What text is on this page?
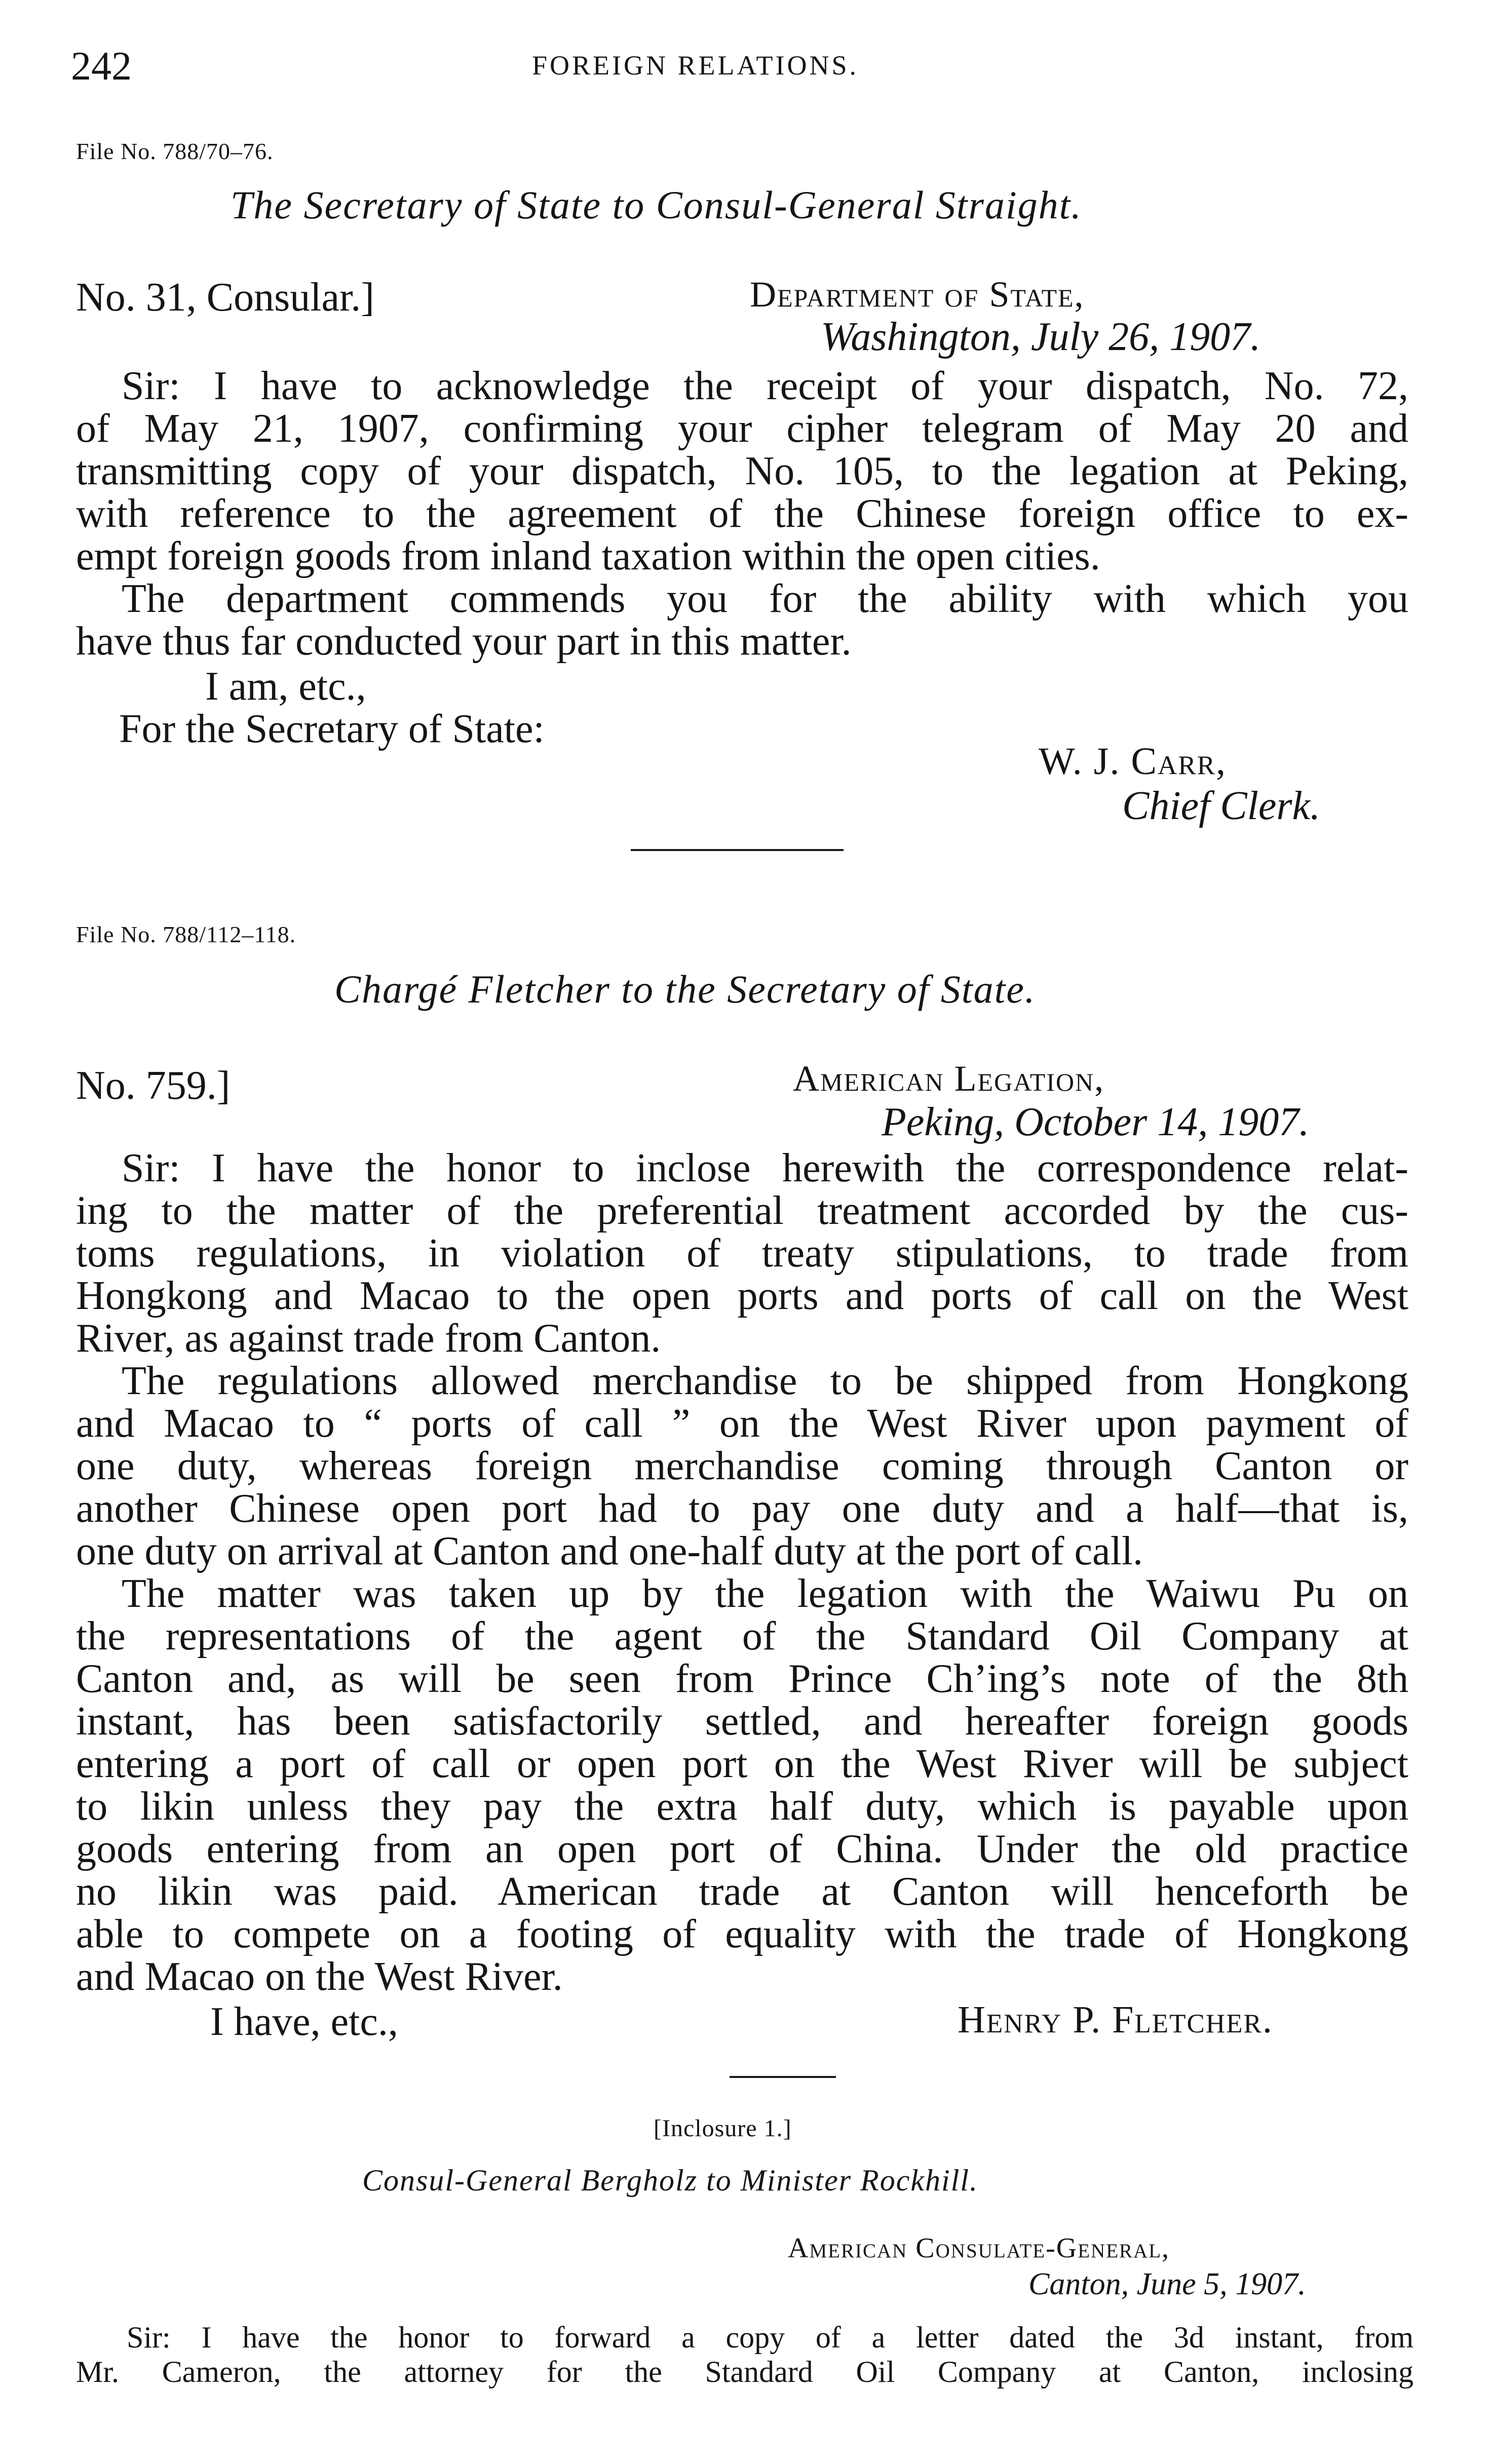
242	FOREIGN RELATIONS.
File No. 788/70–76.
The Secretary of State to Consul-General Straight.
No. 31, Consular.]	Department of State,
Washington, July 26, 1907.
Sir: I have to acknowledge the receipt of your dispatch, No. 72,
of May 21, 1907, confirming your cipher telegram of May 20 and
transmitting copy of your dispatch, No. 105, to the legation at Peking,
with reference to the agreement of the Chinese foreign office to ex-
empt foreign goods from inland taxation within the open cities.
The department commends you for the ability with which you
have thus far conducted your part in this matter.
I am, etc.,
For the Secretary of State:
W. J. Carr,
Chief Clerk.
File No. 788/112–118.
Chargé Fletcher to the Secretary of State.
No. 759.]	American Legation,
Peking, October 14, 1907.
Sir: I have the honor to inclose herewith the correspondence relat-
ing to the matter of the preferential treatment accorded by the cus-
toms regulations, in violation of treaty stipulations, to trade from
Hongkong and Macao to the open ports and ports of call on the West
River, as against trade from Canton.
The regulations allowed merchandise to be shipped from Hongkong
and Macao to “ ports of call ” on the West River upon payment of
one duty, whereas foreign merchandise coming through Canton or
another Chinese open port had to pay one duty and a half—that is,
one duty on arrival at Canton and one-half duty at the port of call.
The matter was taken up by the legation with the Waiwu Pu on
the representations of the agent of the Standard Oil Company at
Canton and, as will be seen from Prince Ch’ing’s note of the 8th
instant, has been satisfactorily settled, and hereafter foreign goods
entering a port of call or open port on the West River will be subject
to likin unless they pay the extra half duty, which is payable upon
goods entering from an open port of China. Under the old practice
no likin was paid. American trade at Canton will henceforth be
able to compete on a footing of equality with the trade of Hongkong
and Macao on the West River.
I have, etc.,	Henry P. Fletcher.
[Inclosure 1.]
Consul-General Bergholz to Minister Rockhill.
American Consulate-General,
Canton, June 5, 1907.
Sir: I have the honor to forward a copy of a letter dated the 3d instant, from
Mr. Cameron, the attorney for the Standard Oil Company at Canton, inclosing
